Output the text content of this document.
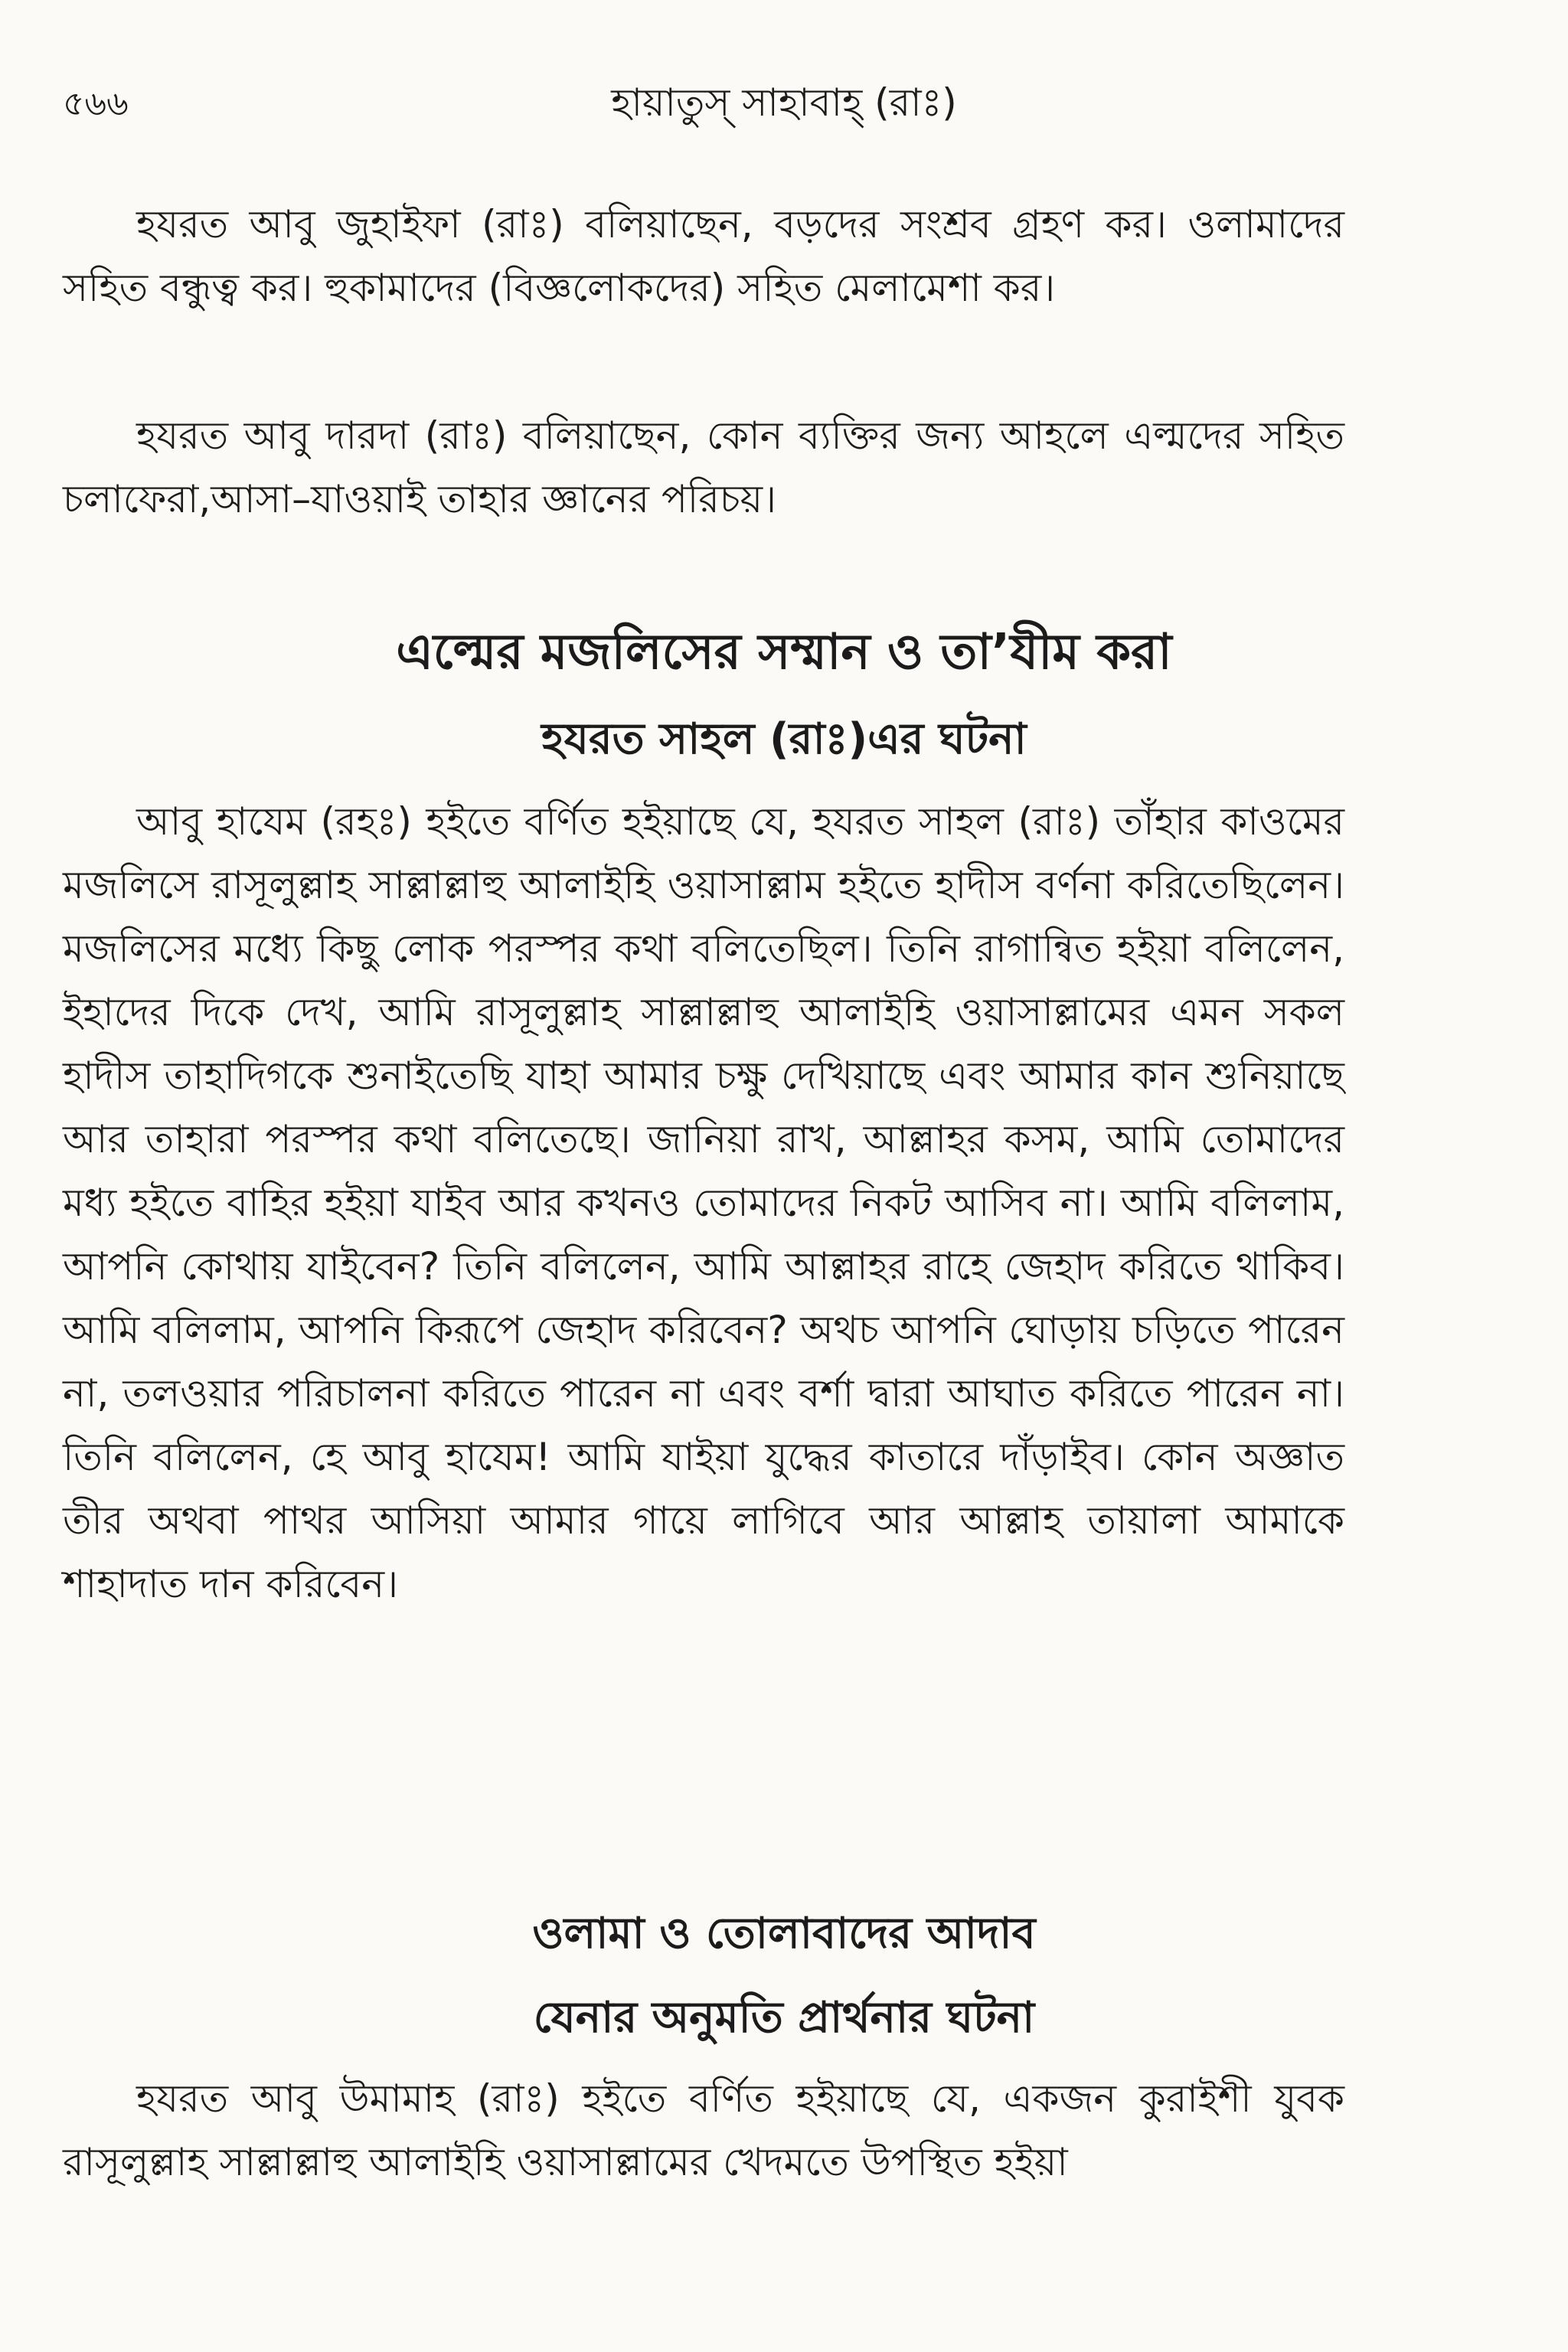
৫৬৬	হায়াতুস্ সাহাবাহ্ (রাঃ)

হযরত আবু জুহাইফা (রাঃ) বলিয়াছেন, বড়দের সংশ্রব গ্রহণ কর। ওলামাদের সহিত বন্ধুত্ব কর। হুকামাদের (বিজ্ঞলোকদের) সহিত মেলামেশা কর।

হযরত আবু দারদা (রাঃ) বলিয়াছেন, কোন ব্যক্তির জন্য আহলে এল্মদের সহিত চলাফেরা,আসা–যাওয়াই তাহার জ্ঞানের পরিচয়।

এল্মের মজলিসের সম্মান ও তা’যীম করা
হযরত সাহল (রাঃ)এর ঘটনা

আবু হাযেম (রহঃ) হইতে বর্ণিত হইয়াছে যে, হযরত সাহল (রাঃ) তাঁহার কাওমের মজলিসে রাসূলুল্লাহ সাল্লাল্লাহু আলাইহি ওয়াসাল্লাম হইতে হাদীস বর্ণনা করিতেছিলেন। মজলিসের মধ্যে কিছু লোক পরস্পর কথা বলিতেছিল। তিনি রাগান্বিত হইয়া বলিলেন, ইহাদের দিকে দেখ, আমি রাসূলুল্লাহ সাল্লাল্লাহু আলাইহি ওয়াসাল্লামের এমন সকল হাদীস তাহাদিগকে শুনাইতেছি যাহা আমার চক্ষু দেখিয়াছে এবং আমার কান শুনিয়াছে আর তাহারা পরস্পর কথা বলিতেছে। জানিয়া রাখ, আল্লাহর কসম, আমি তোমাদের মধ্য হইতে বাহির হইয়া যাইব আর কখনও তোমাদের নিকট আসিব না। আমি বলিলাম, আপনি কোথায় যাইবেন? তিনি বলিলেন, আমি আল্লাহর রাহে জেহাদ করিতে থাকিব। আমি বলিলাম, আপনি কিরূপে জেহাদ করিবেন? অথচ আপনি ঘোড়ায় চড়িতে পারেন না, তলওয়ার পরিচালনা করিতে পারেন না এবং বর্শা দ্বারা আঘাত করিতে পারেন না। তিনি বলিলেন, হে আবু হাযেম! আমি যাইয়া যুদ্ধের কাতারে দাঁড়াইব। কোন অজ্ঞাত তীর অথবা পাথর আসিয়া আমার গায়ে লাগিবে আর আল্লাহ তায়ালা আমাকে শাহাদাত দান করিবেন।

ওলামা ও তোলাবাদের আদাব
যেনার অনুমতি প্রার্থনার ঘটনা

হযরত আবু উমামাহ (রাঃ) হইতে বর্ণিত হইয়াছে যে, একজন কুরাইশী যুবক রাসূলুল্লাহ সাল্লাল্লাহু আলাইহি ওয়াসাল্লামের খেদমতে উপস্থিত হইয়া
